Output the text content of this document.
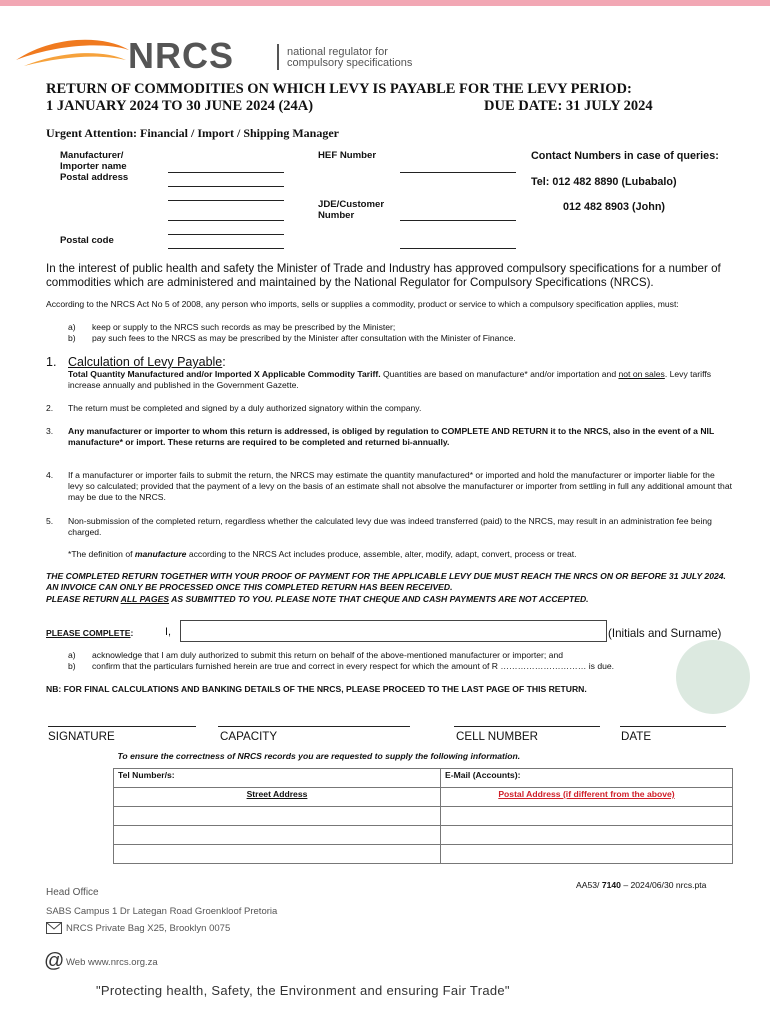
NRCS	national regulator for
compulsory specifications
RETURN OF COMMODITIES ON WHICH LEVY IS PAYABLE FOR THE LEVY PERIOD:
1 JANUARY 2024 TO 30 JUNE 2024 (24A)	DUE DATE: 31 JULY 2024
Urgent Attention: Financial / Import / Shipping Manager
Manufacturer/
Importer name
Postal address
Postal code
HEF Number
JDE/Customer
Number
Contact Numbers in case of queries:
Tel: 012 482 8890 (Lubabalo)
012 482 8903 (John)
In the interest of public health and safety the Minister of Trade and Industry has approved compulsory specifications for a number of commodities which are administered and maintained by the National Regulator for Compulsory Specifications (NRCS).
According to the NRCS Act No 5 of 2008, any person who imports, sells or supplies a commodity, product or service to which a compulsory specification applies, must:
a) keep or supply to the NRCS such records as may be prescribed by the Minister;
b) pay such fees to the NRCS as may be prescribed by the Minister after consultation with the Minister of Finance.
1. Calculation of Levy Payable:
Total Quantity Manufactured and/or Imported X Applicable Commodity Tariff. Quantities are based on manufacture* and/or importation and not on sales. Levy tariffs increase annually and published in the Government Gazette.
2. The return must be completed and signed by a duly authorized signatory within the company.
3. Any manufacturer or importer to whom this return is addressed, is obliged by regulation to COMPLETE AND RETURN it to the NRCS, also in the event of a NIL manufacture* or import. These returns are required to be completed and returned bi-annually.
4. If a manufacturer or importer fails to submit the return, the NRCS may estimate the quantity manufactured* or imported and hold the manufacturer or importer liable for the levy so calculated; provided that the payment of a levy on the basis of an estimate shall not absolve the manufacturer or importer from settling in full any additional amount that may be due to the NRCS.
5. Non-submission of the completed return, regardless whether the calculated levy due was indeed transferred (paid) to the NRCS, may result in an administration fee being charged.
*The definition of manufacture according to the NRCS Act includes produce, assemble, alter, modify, adapt, convert, process or treat.
THE COMPLETED RETURN TOGETHER WITH YOUR PROOF OF PAYMENT FOR THE APPLICABLE LEVY DUE MUST REACH THE NRCS ON OR BEFORE 31 JULY 2024. AN INVOICE CAN ONLY BE PROCESSED ONCE THIS COMPLETED RETURN HAS BEEN RECEIVED.
PLEASE RETURN ALL PAGES AS SUBMITTED TO YOU. PLEASE NOTE THAT CHEQUE AND CASH PAYMENTS ARE NOT ACCEPTED.
PLEASE COMPLETE:	I,	(Initials and Surname)
a) acknowledge that I am duly authorized to submit this return on behalf of the above-mentioned manufacturer or importer; and
b) confirm that the particulars furnished herein are true and correct in every respect for which the amount of R ………………………… is due.
NB: FOR FINAL CALCULATIONS AND BANKING DETAILS OF THE NRCS, PLEASE PROCEED TO THE LAST PAGE OF THIS RETURN.
SIGNATURE	CAPACITY	CELL NUMBER	DATE
To ensure the correctness of NRCS records you are requested to supply the following information.	
Tel Number/s:	E-Mail (Accounts):
Street Address	Postal Address (if different from the above)

AA53/ 7140 – 2024/06/30 nrcs.pta
Head Office
SABS Campus 1 Dr Lategan Road Groenkloof Pretoria
NRCS Private Bag X25, Brooklyn 0075
@ Web www.nrcs.org.za
"Protecting health, Safety, the Environment and ensuring Fair Trade"
